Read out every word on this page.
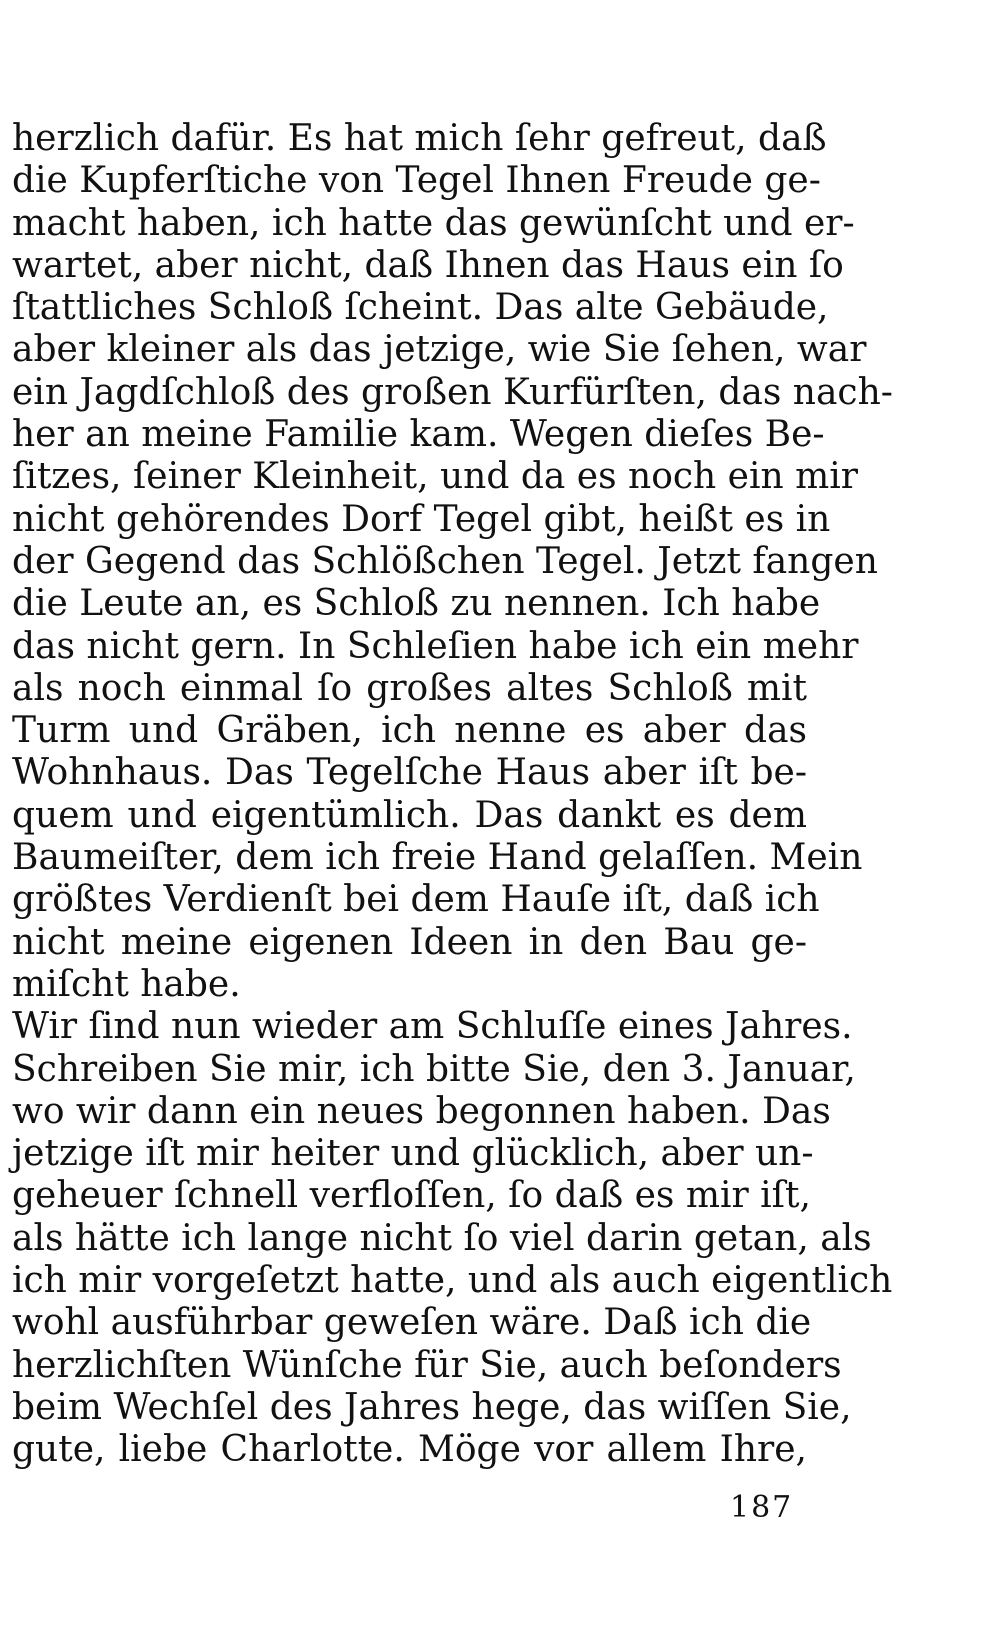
herzlich dafür. Es hat mich ſehr gefreut, daß
die Kupferſtiche von Tegel Ihnen Freude ge-
macht haben, ich hatte das gewünſcht und er-
wartet, aber nicht, daß Ihnen das Haus ein ſo
ſtattliches Schloß ſcheint. Das alte Gebäude,
aber kleiner als das jetzige, wie Sie ſehen, war
ein Jagdſchloß des großen Kurfürſten, das nach-
her an meine Familie kam. Wegen dieſes Be-
ſitzes, ſeiner Kleinheit, und da es noch ein mir
nicht gehörendes Dorf Tegel gibt, heißt es in
der Gegend das Schlößchen Tegel. Jetzt fangen
die Leute an, es Schloß zu nennen. Ich habe
das nicht gern. In Schleſien habe ich ein mehr
als noch einmal ſo großes altes Schloß mit
Turm und Gräben, ich nenne es aber das
Wohnhaus. Das Tegelſche Haus aber iſt be-
quem und eigentümlich. Das dankt es dem
Baumeiſter, dem ich freie Hand gelaſſen. Mein
größtes Verdienſt bei dem Hauſe iſt, daß ich
nicht meine eigenen Ideen in den Bau ge-
miſcht habe.
Wir ſind nun wieder am Schluſſe eines Jahres.
Schreiben Sie mir, ich bitte Sie, den 3. Januar,
wo wir dann ein neues begonnen haben. Das
jetzige iſt mir heiter und glücklich, aber un-
geheuer ſchnell verfloſſen, ſo daß es mir iſt,
als hätte ich lange nicht ſo viel darin getan, als
ich mir vorgeſetzt hatte, und als auch eigentlich
wohl ausführbar geweſen wäre. Daß ich die
herzlichſten Wünſche für Sie, auch beſonders
beim Wechſel des Jahres hege, das wiſſen Sie,
gute, liebe Charlotte. Möge vor allem Ihre,
187
